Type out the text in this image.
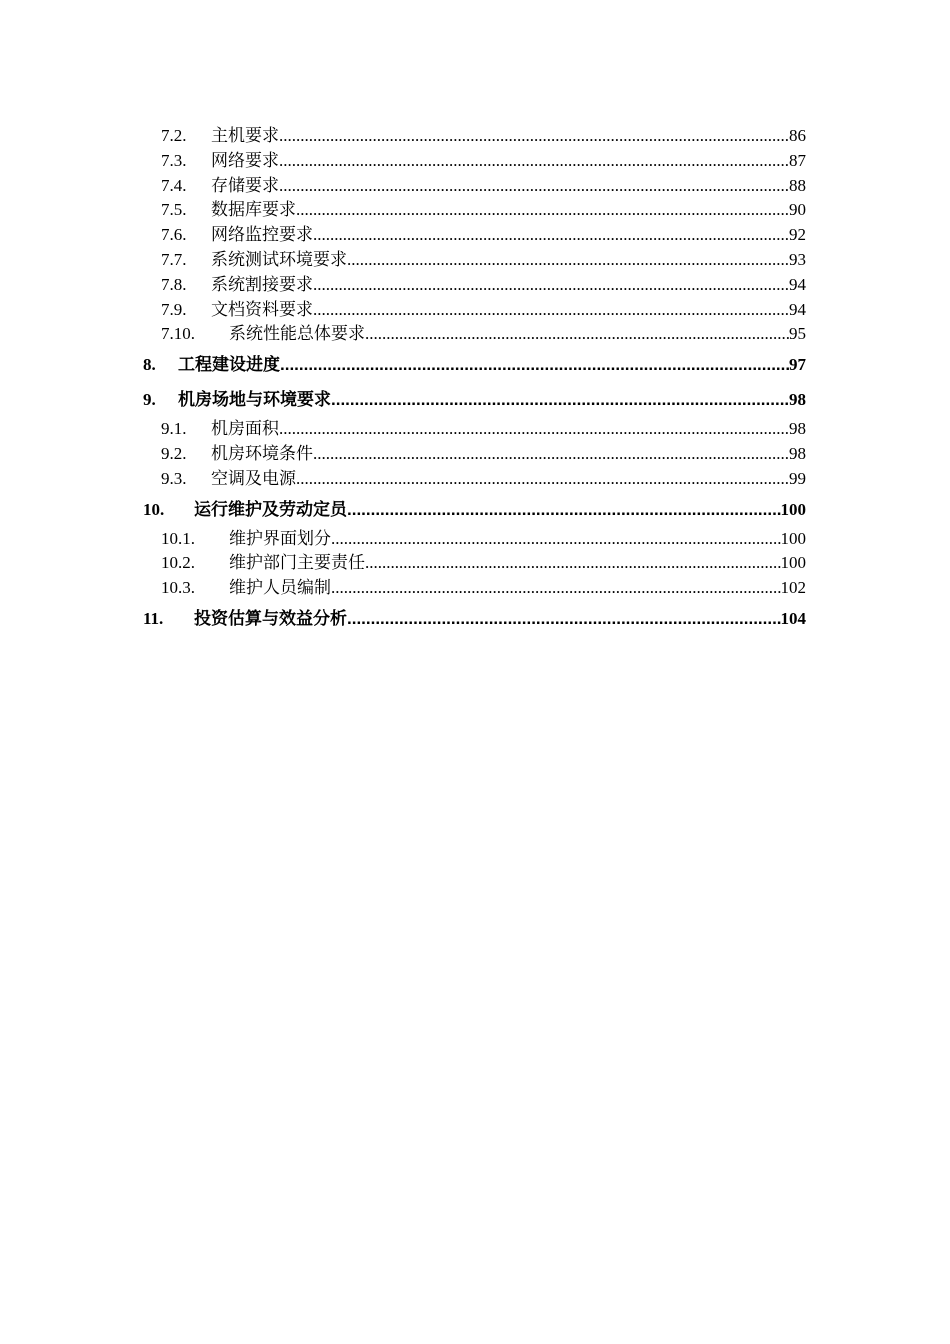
7.2.	主机要求 .....	86
7.3.	网络要求 .....	87
7.4.	存储要求 .....	88
7.5.	数据库要求 .....	90
7.6.	网络监控要求 .....	92
7.7.	系统测试环境要求 .....	93
7.8.	系统割接要求 .....	94
7.9.	文档资料要求 .....	94
7.10.	系统性能总体要求 .....	95
8.	工程建设进度 .....	97
9.	机房场地与环境要求 .....	98
9.1.	机房面积 .....	98
9.2.	机房环境条件 .....	98
9.3.	空调及电源 .....	99
10.	运行维护及劳动定员 .....	100
10.1.	维护界面划分 .....	100
10.2.	维护部门主要责任 .....	100
10.3.	维护人员编制 .....	102
11.	投资估算与效益分析 .....	104
